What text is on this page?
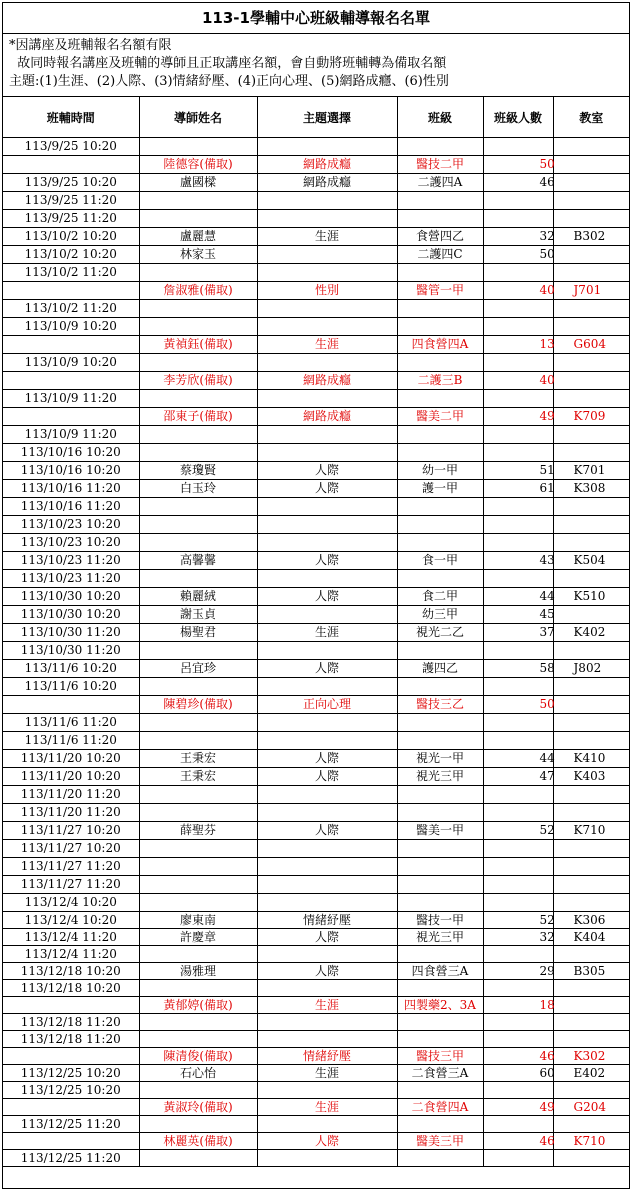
113-1學輔中心班級輔導報名名單
*因講座及班輔報名名額有限
故同時報名講座及班輔的導師且正取講座名額，會自動將班輔轉為備取名額
主題:(1)生涯、(2)人際、(3)情緒紓壓、(4)正向心理、(5)網路成癮、(6)性別
班輔時間	導師姓名	主題選擇	班級	班級人數	教室
113/9/25 10:20					
	陸德容(備取)	網路成癮	醫技二甲	50	
113/9/25 10:20	盧國樑	網路成癮	二護四A	46	
113/9/25 11:20					
113/9/25 11:20					
113/10/2 10:20	盧麗慧	生涯	食營四乙	32	B302
113/10/2 10:20	林家玉		二護四C	50	
113/10/2 11:20					
	詹淑雅(備取)	性別	醫管一甲	40	J701
113/10/2 11:20					
113/10/9 10:20					
	黃禎鈺(備取)	生涯	四食營四A	13	G604
113/10/9 10:20					
	李芳欣(備取)	網路成癮	二護三B	40	
113/10/9 11:20					
	邵東子(備取)	網路成癮	醫美二甲	49	K709
113/10/9 11:20					
113/10/16 10:20					
113/10/16 10:20	蔡瓊賢	人際	幼一甲	51	K701
113/10/16 11:20	白玉玲	人際	護一甲	61	K308
113/10/16 11:20					
113/10/23 10:20					
113/10/23 10:20					
113/10/23 11:20	高馨馨	人際	食一甲	43	K504
113/10/23 11:20					
113/10/30 10:20	賴麗絨	人際	食二甲	44	K510
113/10/30 10:20	謝玉貞		幼三甲	45	
113/10/30 11:20	楊聖君	生涯	視光二乙	37	K402
113/10/30 11:20					
113/11/6 10:20	呂宜珍	人際	護四乙	58	J802
113/11/6 10:20					
	陳碧珍(備取)	正向心理	醫技三乙	50	
113/11/6 11:20					
113/11/6 11:20					
113/11/20 10:20	王秉宏	人際	視光一甲	44	K410
113/11/20 10:20	王秉宏	人際	視光三甲	47	K403
113/11/20 11:20					
113/11/20 11:20					
113/11/27 10:20	薛聖芬	人際	醫美一甲	52	K710
113/11/27 10:20					
113/11/27 11:20					
113/11/27 11:20					
113/12/4 10:20					
113/12/4 10:20	廖東南	情緒紓壓	醫技一甲	52	K306
113/12/4 11:20	許慶章	人際	視光三甲	32	K404
113/12/4 11:20					
113/12/18 10:20	湯雅理	人際	四食營三A	29	B305
113/12/18 10:20					
	黃郁婷(備取)	生涯	四製藥2、3A	18	
113/12/18 11:20					
113/12/18 11:20					
	陳清俊(備取)	情緒紓壓	醫技三甲	46	K302
113/12/25 10:20	石心怡	生涯	二食營三A	60	E402
113/12/25 10:20					
	黃淑玲(備取)	生涯	二食營四A	49	G204
113/12/25 11:20					
	林麗英(備取)	人際	醫美三甲	46	K710
113/12/25 11:20					
